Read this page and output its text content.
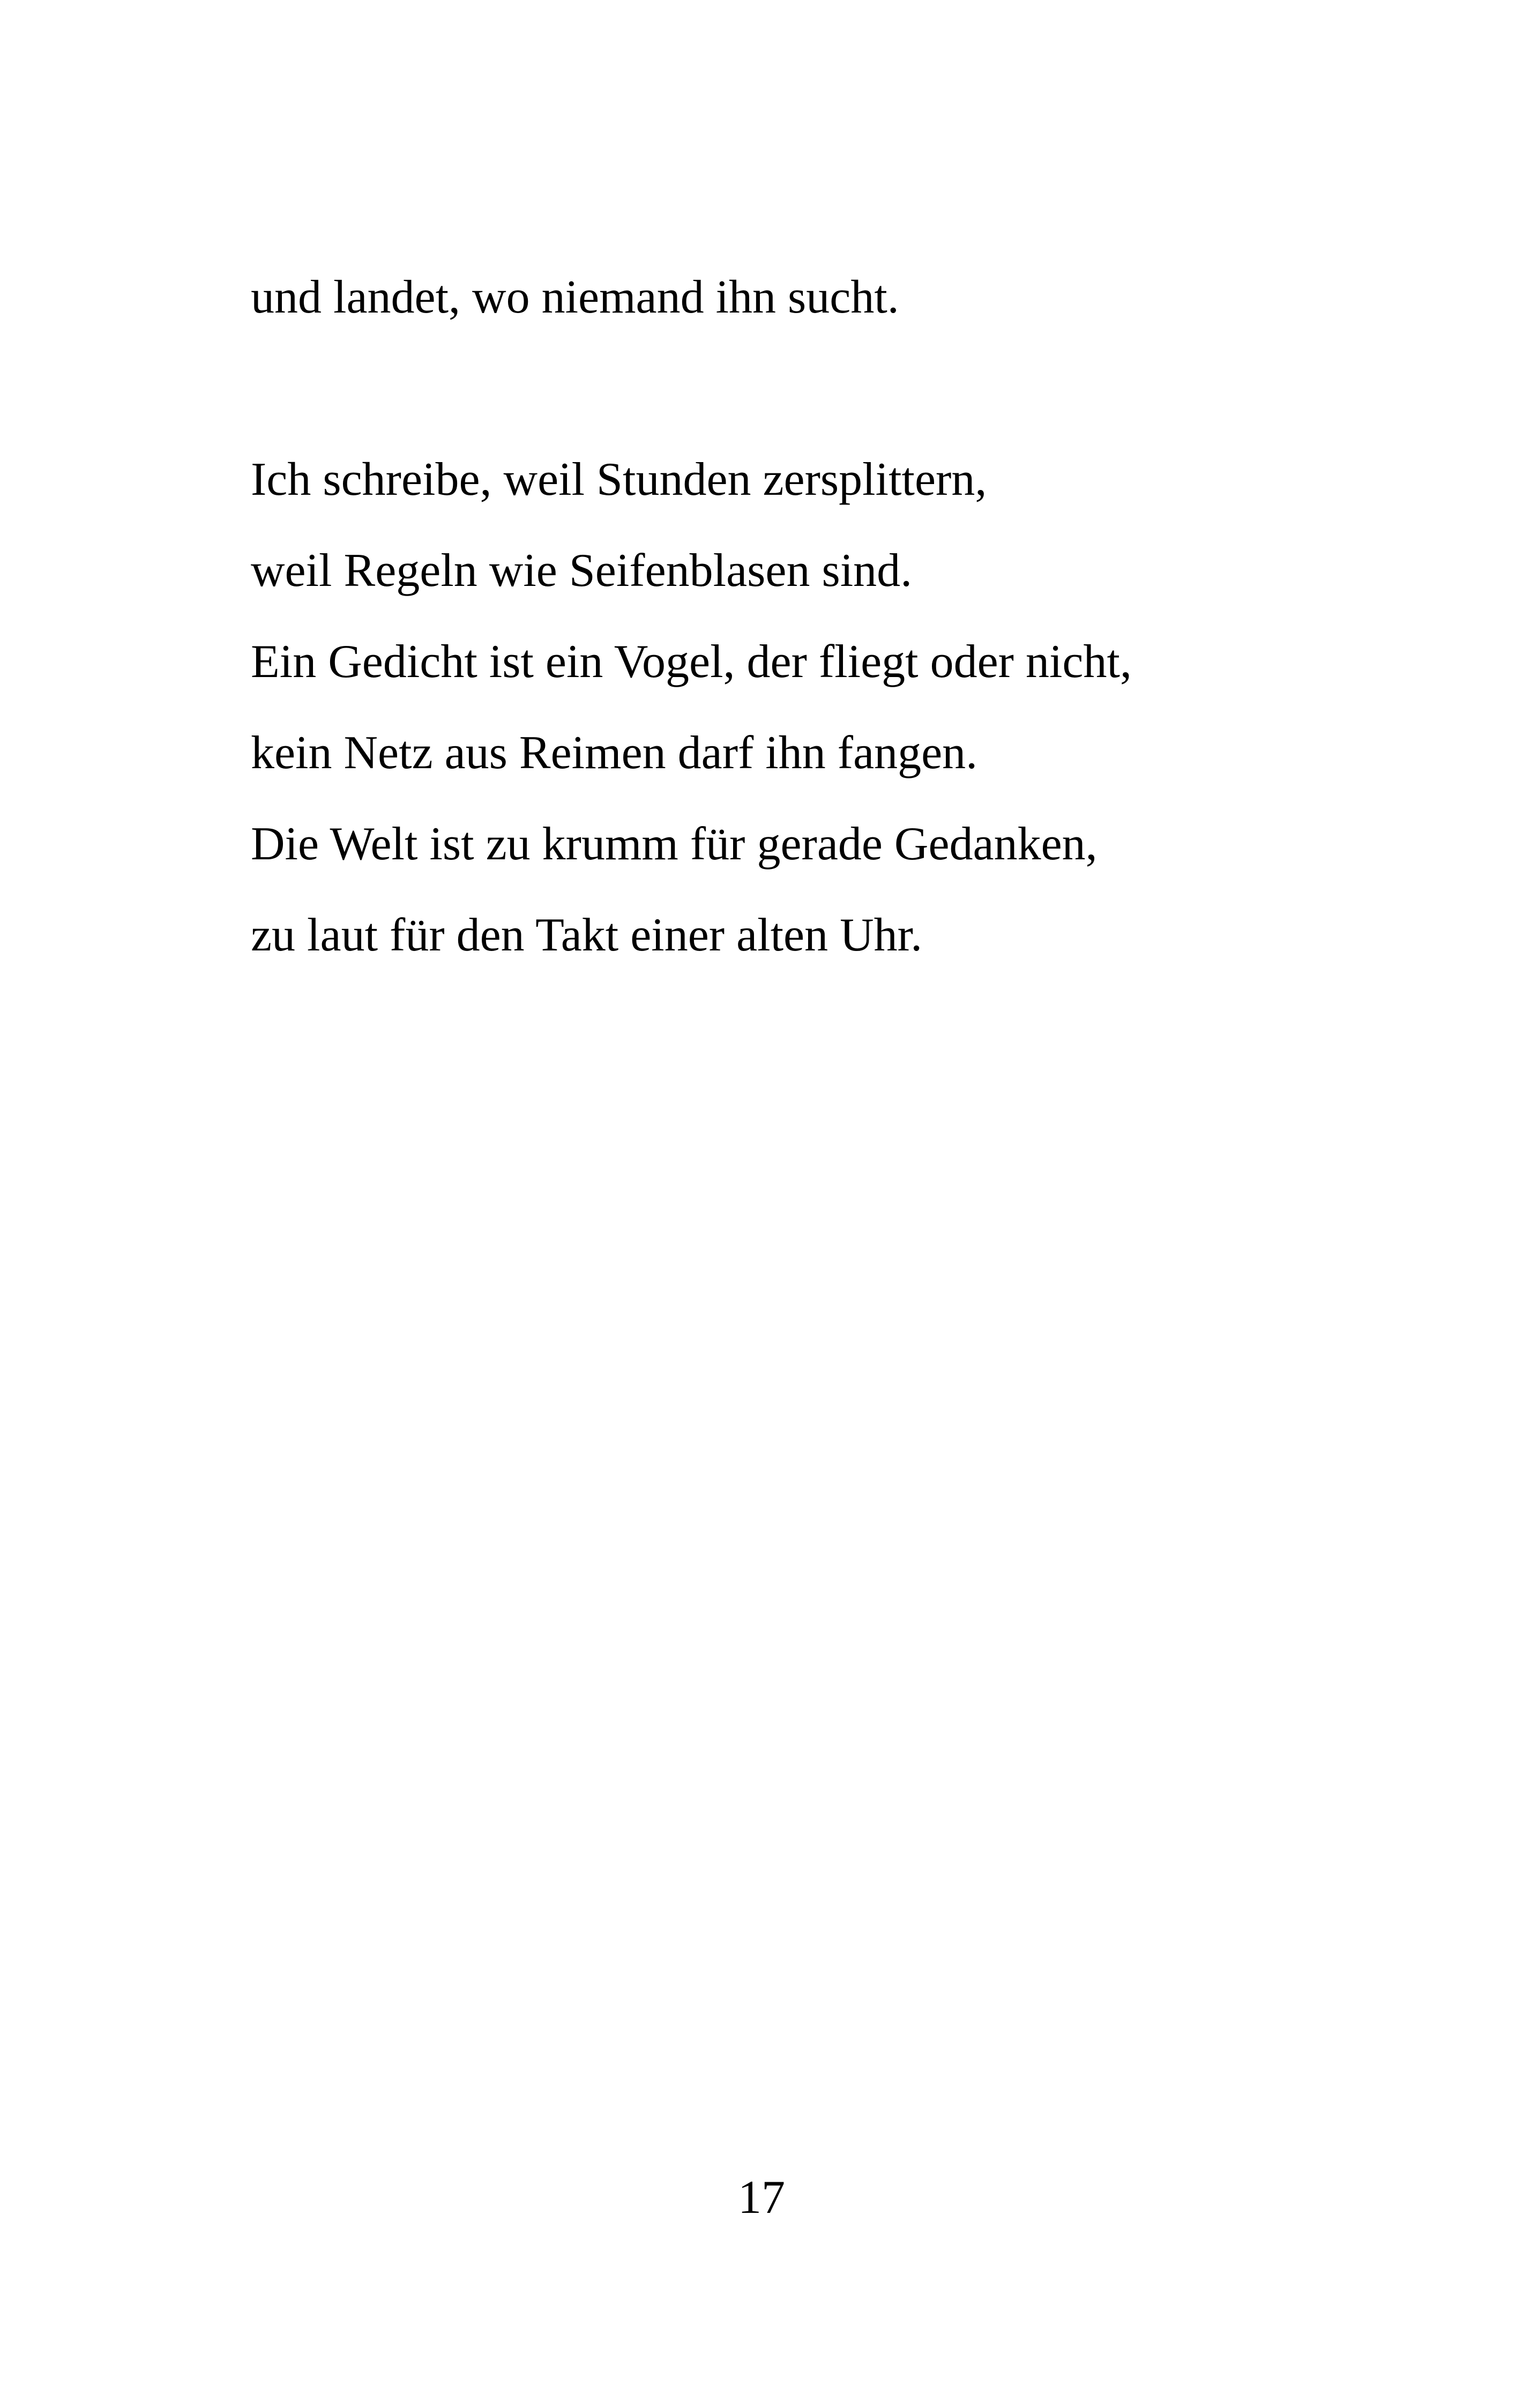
und landet, wo niemand ihn sucht.
Ich schreibe, weil Stunden zersplittern,
weil Regeln wie Seifenblasen sind.
Ein Gedicht ist ein Vogel, der fliegt oder nicht,
kein Netz aus Reimen darf ihn fangen.
Die Welt ist zu krumm für gerade Gedanken,
zu laut für den Takt einer alten Uhr.
17
